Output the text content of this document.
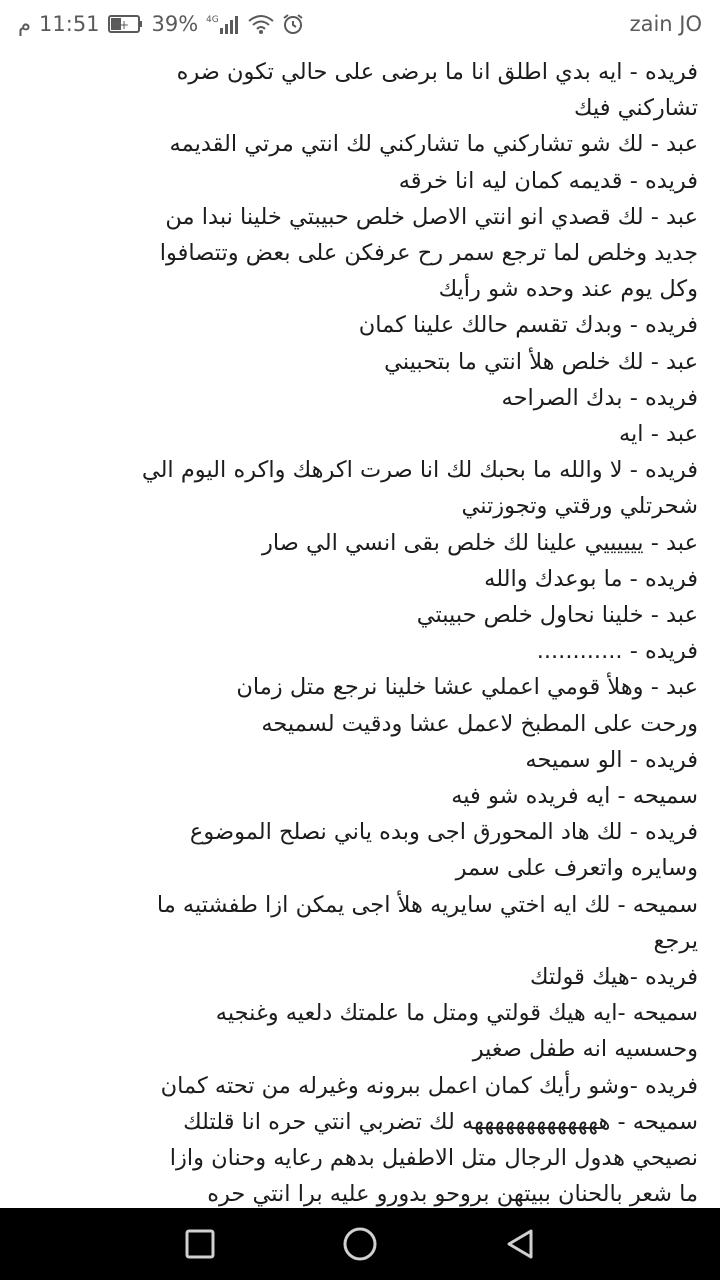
م 11:51 + 39% 4G	zain JO
فريده - ايه بدي اطلق انا ما برضى على حالي تكون ضره
تشاركني فيك
عبد - لك شو تشاركني ما تشاركني لك انتي مرتي القديمه
فريده - قديمه كمان ليه انا خرقه
عبد - لك قصدي انو انتي الاصل خلص حبيبتي خلينا نبدا من
جديد وخلص لما ترجع سمر رح عرفكن على بعض وتتصافوا
وكل يوم عند وحده شو رأيك
فريده - وبدك تقسم حالك علينا كمان
عبد - لك خلص هلأ انتي ما بتحبيني
فريده - بدك الصراحه
عبد - ايه
فريده - لا والله ما بحبك لك انا صرت اكرهك واكره اليوم الي
شحرتلي ورقتي وتجوزتني
عبد - ييييييي علينا لك خلص بقى انسي الي صار
فريده - ما بوعدك والله
عبد - خلينا نحاول خلص حبيبتي
فريده - ............
عبد - وهلأ قومي اعملي عشا خلينا نرجع متل زمان
ورحت على المطبخ لاعمل عشا ودقيت لسميحه
فريده - الو سميحه
سميحه - ايه فريده شو فيه
فريده - لك هاد المحورق اجى وبده ياني نصلح الموضوع
وسايره واتعرف على سمر
سميحه - لك ايه اختي سايريه هلأ اجى يمكن ازا طفشتيه ما
يرجع
فريده -هيك قولتك
سميحه -ايه هيك قولتي ومتل ما علمتك دلعيه وغنجيه
وحسسيه انه طفل صغير
فريده -وشو رأيك كمان اعمل ببرونه وغيرله من تحته كمان
سميحه - هههههههههههههه لك تضربي انتي حره انا قلتلك
نصيحي هدول الرجال متل الاطفيل بدهم رعايه وحنان وازا
ما شعر بالحنان ببيتهن بروحو بدورو عليه برا انتي حره
